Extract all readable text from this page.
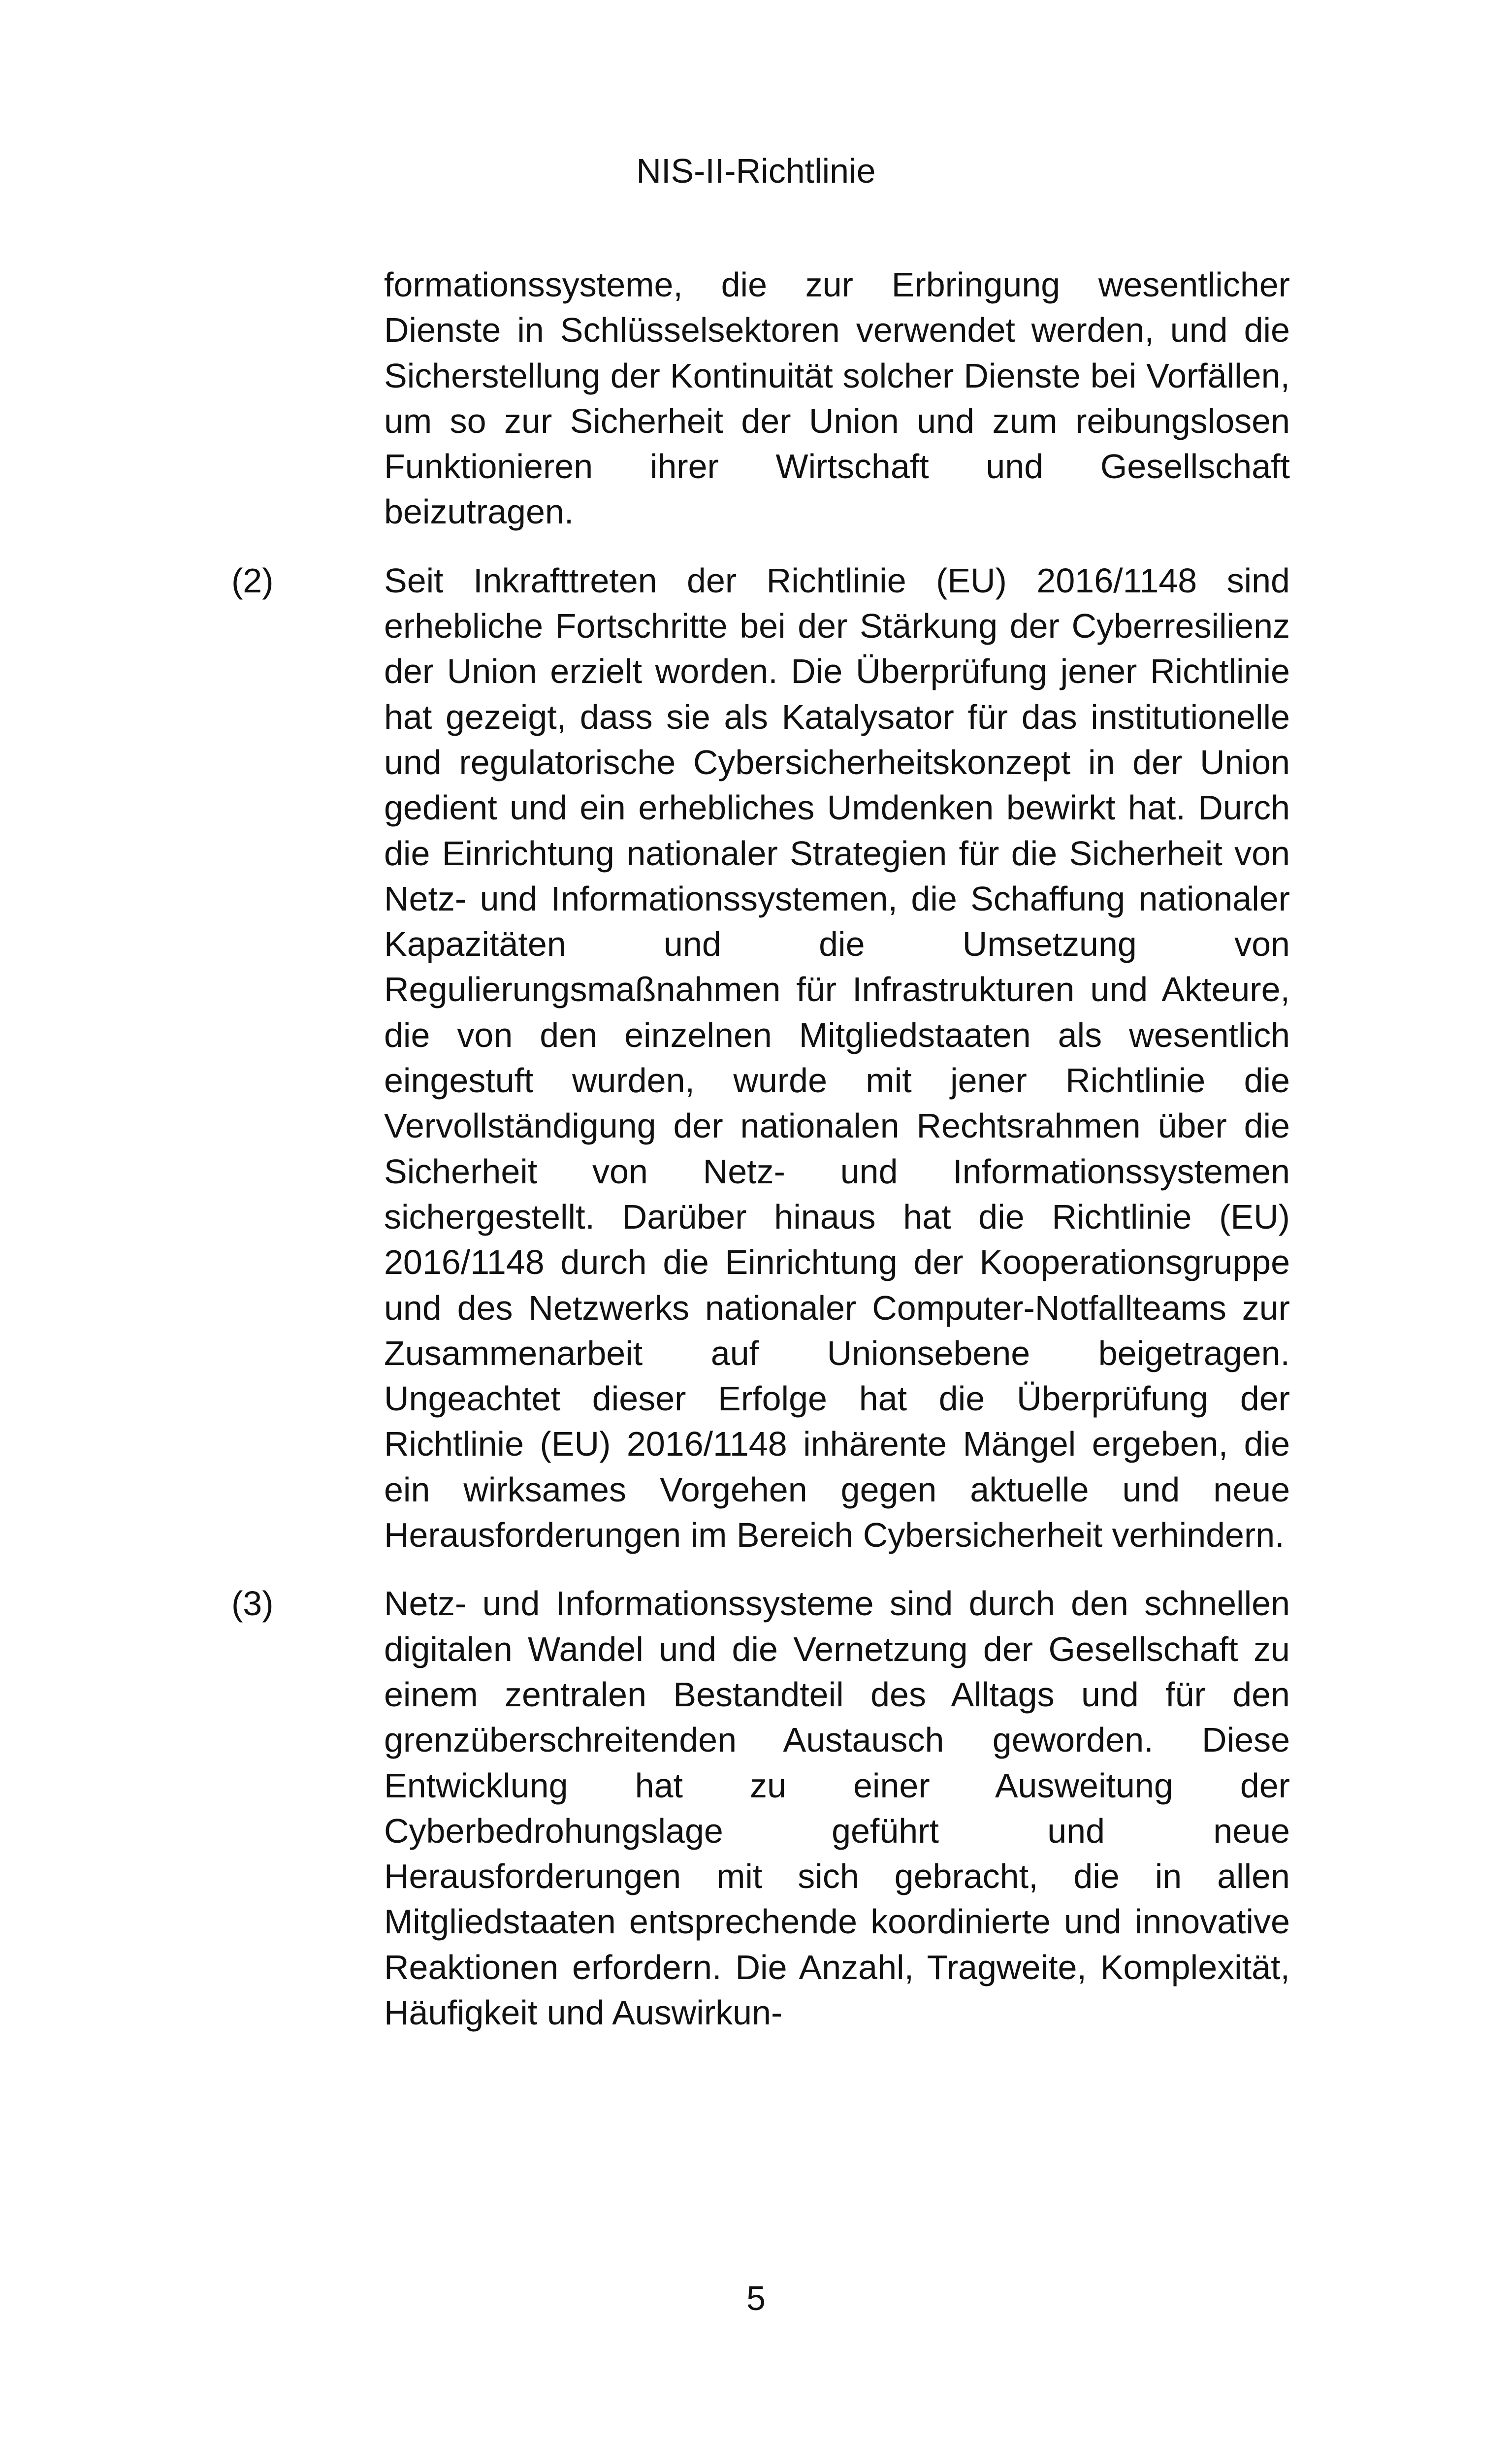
NIS-II-Richtlinie

formationssysteme, die zur Erbringung wesentlicher Dienste in Schlüsselsektoren verwendet werden, und die Sicherstellung der Kontinuität solcher Dienste bei Vorfällen, um so zur Sicherheit der Union und zum reibungslosen Funktionieren ihrer Wirtschaft und Gesellschaft beizutragen.

(2)	Seit Inkrafttreten der Richtlinie (EU) 2016/1148 sind erhebliche Fortschritte bei der Stärkung der Cyberresilienz der Union erzielt worden. Die Überprüfung jener Richtlinie hat gezeigt, dass sie als Katalysator für das institutionelle und regulatorische Cybersicherheitskonzept in der Union gedient und ein erhebliches Umdenken bewirkt hat. Durch die Einrichtung nationaler Strategien für die Sicherheit von Netz- und Informationssystemen, die Schaffung nationaler Kapazitäten und die Umsetzung von Regulierungsmaßnahmen für Infrastrukturen und Akteure, die von den einzelnen Mitgliedstaaten als wesentlich eingestuft wurden, wurde mit jener Richtlinie die Vervollständigung der nationalen Rechtsrahmen über die Sicherheit von Netz- und Informationssystemen sichergestellt. Darüber hinaus hat die Richtlinie (EU) 2016/1148 durch die Einrichtung der Kooperationsgruppe und des Netzwerks nationaler Computer-Notfallteams zur Zusammenarbeit auf Unionsebene beigetragen. Ungeachtet dieser Erfolge hat die Überprüfung der Richtlinie (EU) 2016/1148 inhärente Mängel ergeben, die ein wirksames Vorgehen gegen aktuelle und neue Herausforderungen im Bereich Cybersicherheit verhindern.

(3)	Netz- und Informationssysteme sind durch den schnellen digitalen Wandel und die Vernetzung der Gesellschaft zu einem zentralen Bestandteil des Alltags und für den grenzüberschreitenden Austausch geworden. Diese Entwicklung hat zu einer Ausweitung der Cyberbedrohungslage geführt und neue Herausforderungen mit sich gebracht, die in allen Mitgliedstaaten entsprechende koordinierte und innovative Reaktionen erfordern. Die Anzahl, Tragweite, Komplexität, Häufigkeit und Auswirkun-

5
